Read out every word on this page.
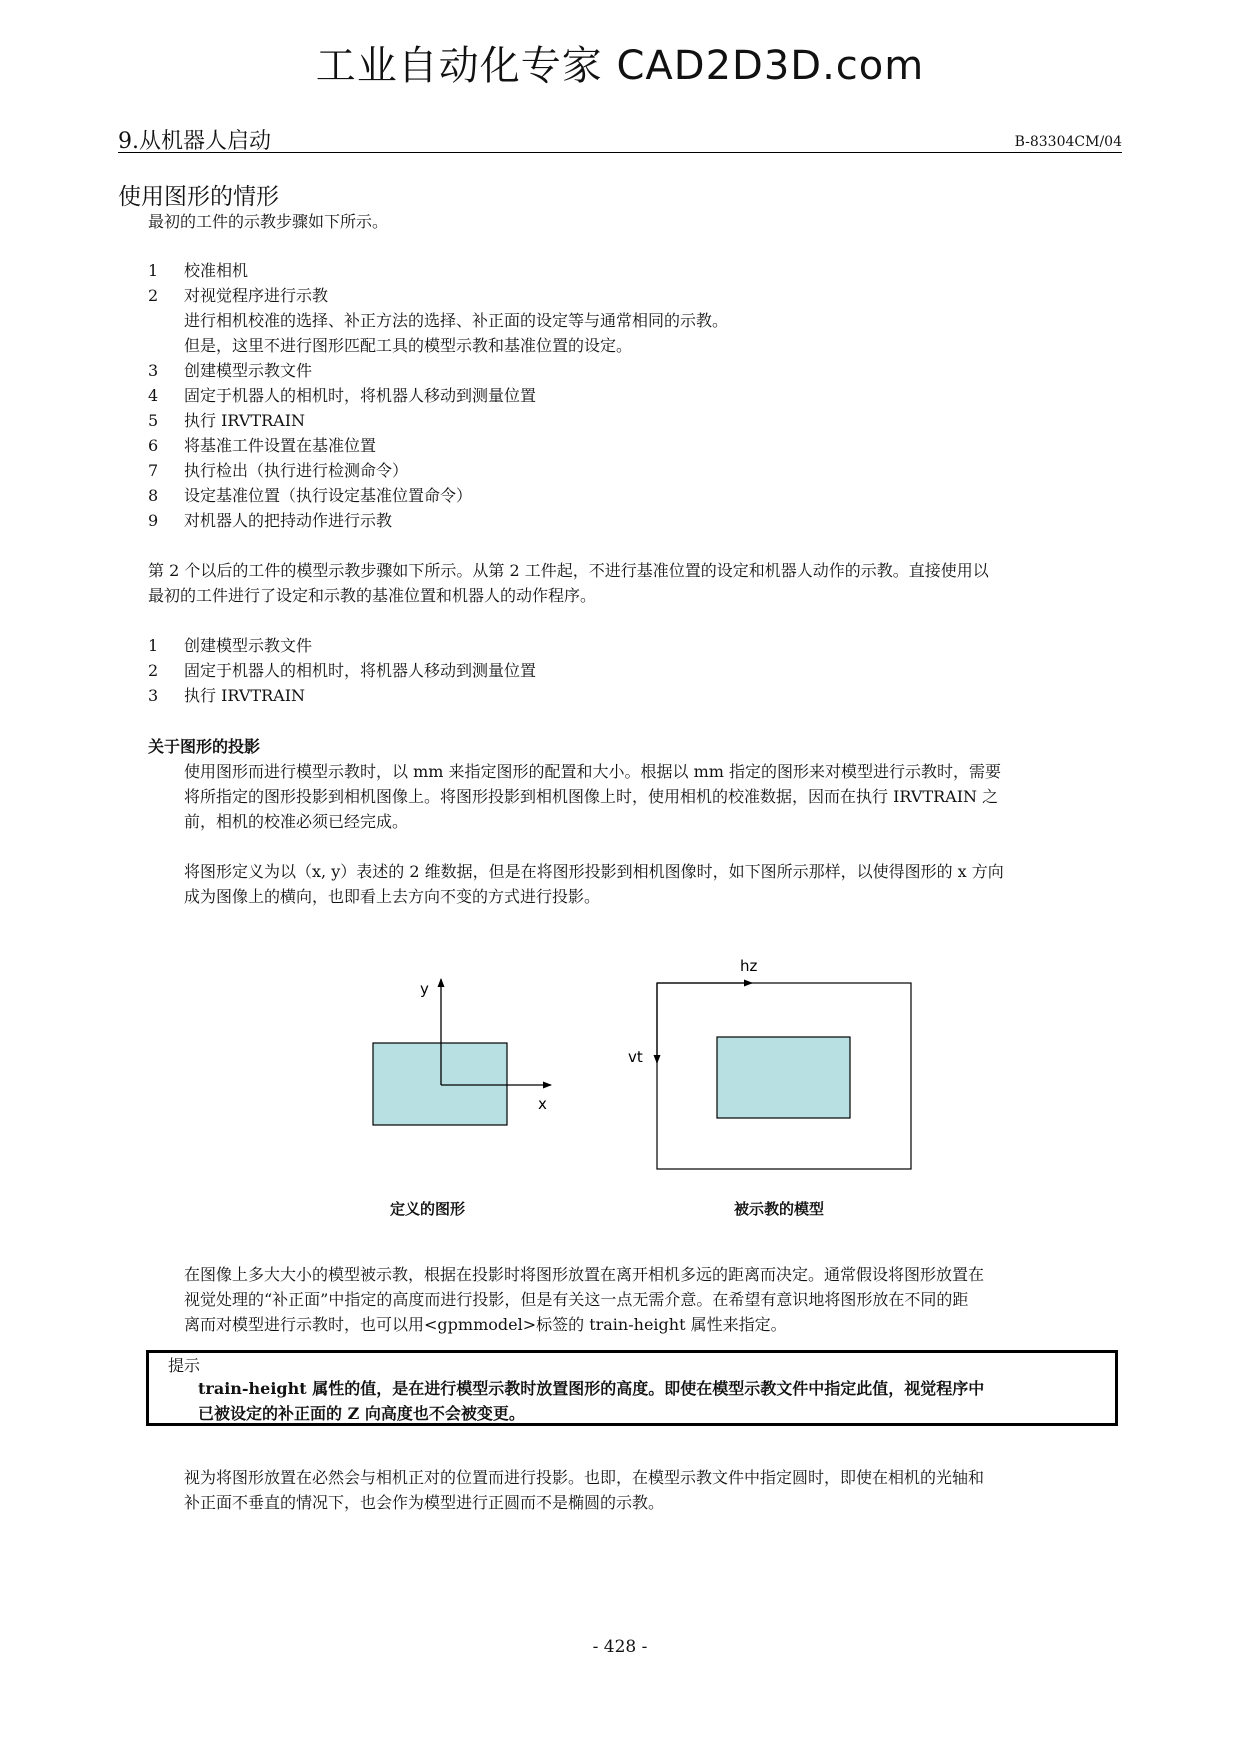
工业自动化专家 CAD2D3D.com
9.从机器人启动	B-83304CM/04
使用图形的情形
最初的工件的示教步骤如下所示。
1	校准相机
2	对视觉程序进行示教
进行相机校准的选择、补正方法的选择、补正面的设定等与通常相同的示教。
但是，这里不进行图形匹配工具的模型示教和基准位置的设定。
3	创建模型示教文件
4	固定于机器人的相机时，将机器人移动到测量位置
5	执行 IRVTRAIN
6	将基准工件设置在基准位置
7	执行检出（执行进行检测命令）
8	设定基准位置（执行设定基准位置命令）
9	对机器人的把持动作进行示教
第 2 个以后的工件的模型示教步骤如下所示。从第 2 工件起，不进行基准位置的设定和机器人动作的示教。直接使用以
最初的工件进行了设定和示教的基准位置和机器人的动作程序。
1	创建模型示教文件
2	固定于机器人的相机时，将机器人移动到测量位置
3	执行 IRVTRAIN
关于图形的投影
使用图形而进行模型示教时，以 mm 来指定图形的配置和大小。根据以 mm 指定的图形来对模型进行示教时，需要
将所指定的图形投影到相机图像上。将图形投影到相机图像上时，使用相机的校准数据，因而在执行 IRVTRAIN 之
前，相机的校准必须已经完成。
将图形定义为以（x, y）表述的 2 维数据，但是在将图形投影到相机图像时，如下图所示那样，以使得图形的 x 方向
成为图像上的横向，也即看上去方向不变的方式进行投影。
y
x
hz
vt
定义的图形	被示教的模型
在图像上多大大小的模型被示教，根据在投影时将图形放置在离开相机多远的距离而决定。通常假设将图形放置在
视觉处理的“补正面”中指定的高度而进行投影，但是有关这一点无需介意。在希望有意识地将图形放在不同的距
离而对模型进行示教时，也可以用<gpmmodel>标签的 train-height 属性来指定。
提示
train-height 属性的值，是在进行模型示教时放置图形的高度。即使在模型示教文件中指定此值，视觉程序中
已被设定的补正面的 Z 向高度也不会被变更。
视为将图形放置在必然会与相机正对的位置而进行投影。也即，在模型示教文件中指定圆时，即使在相机的光轴和
补正面不垂直的情况下，也会作为模型进行正圆而不是椭圆的示教。
- 428 -
